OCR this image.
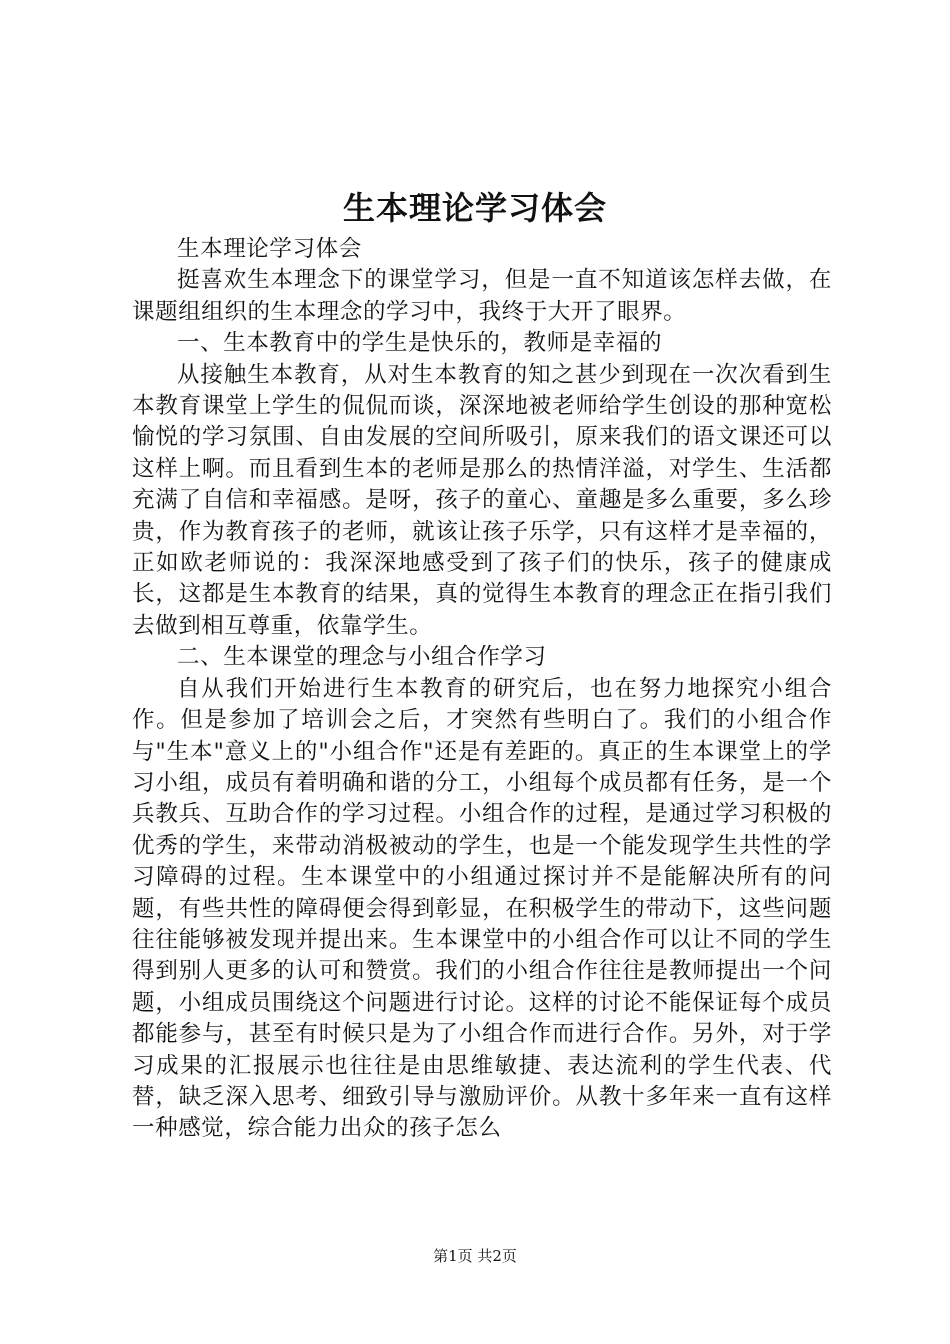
生本理论学习体会

生本理论学习体会

挺喜欢生本理念下的课堂学习，但是一直不知道该怎样去做，在课题组组织的生本理念的学习中，我终于大开了眼界。

一、生本教育中的学生是快乐的，教师是幸福的

从接触生本教育，从对生本教育的知之甚少到现在一次次看到生本教育课堂上学生的侃侃而谈，深深地被老师给学生创设的那种宽松愉悦的学习氛围、自由发展的空间所吸引，原来我们的语文课还可以这样上啊。而且看到生本的老师是那么的热情洋溢，对学生、生活都充满了自信和幸福感。是呀，孩子的童心、童趣是多么重要，多么珍贵，作为教育孩子的老师，就该让孩子乐学，只有这样才是幸福的，正如欧老师说的：我深深地感受到了孩子们的快乐，孩子的健康成长，这都是生本教育的结果，真的觉得生本教育的理念正在指引我们去做到相互尊重，依靠学生。

二、生本课堂的理念与小组合作学习

自从我们开始进行生本教育的研究后，也在努力地探究小组合作。但是参加了培训会之后，才突然有些明白了。我们的小组合作与"生本"意义上的"小组合作"还是有差距的。真正的生本课堂上的学习小组，成员有着明确和谐的分工，小组每个成员都有任务，是一个兵教兵、互助合作的学习过程。小组合作的过程，是通过学习积极的优秀的学生，来带动消极被动的学生，也是一个能发现学生共性的学习障碍的过程。生本课堂中的小组通过探讨并不是能解决所有的问题，有些共性的障碍便会得到彰显，在积极学生的带动下，这些问题往往能够被发现并提出来。生本课堂中的小组合作可以让不同的学生得到别人更多的认可和赞赏。我们的小组合作往往是教师提出一个问题，小组成员围绕这个问题进行讨论。这样的讨论不能保证每个成员都能参与，甚至有时候只是为了小组合作而进行合作。另外，对于学习成果的汇报展示也往往是由思维敏捷、表达流利的学生代表、代替，缺乏深入思考、细致引导与激励评价。从教十多年来一直有这样一种感觉，综合能力出众的孩子怎么

第1页 共2页
